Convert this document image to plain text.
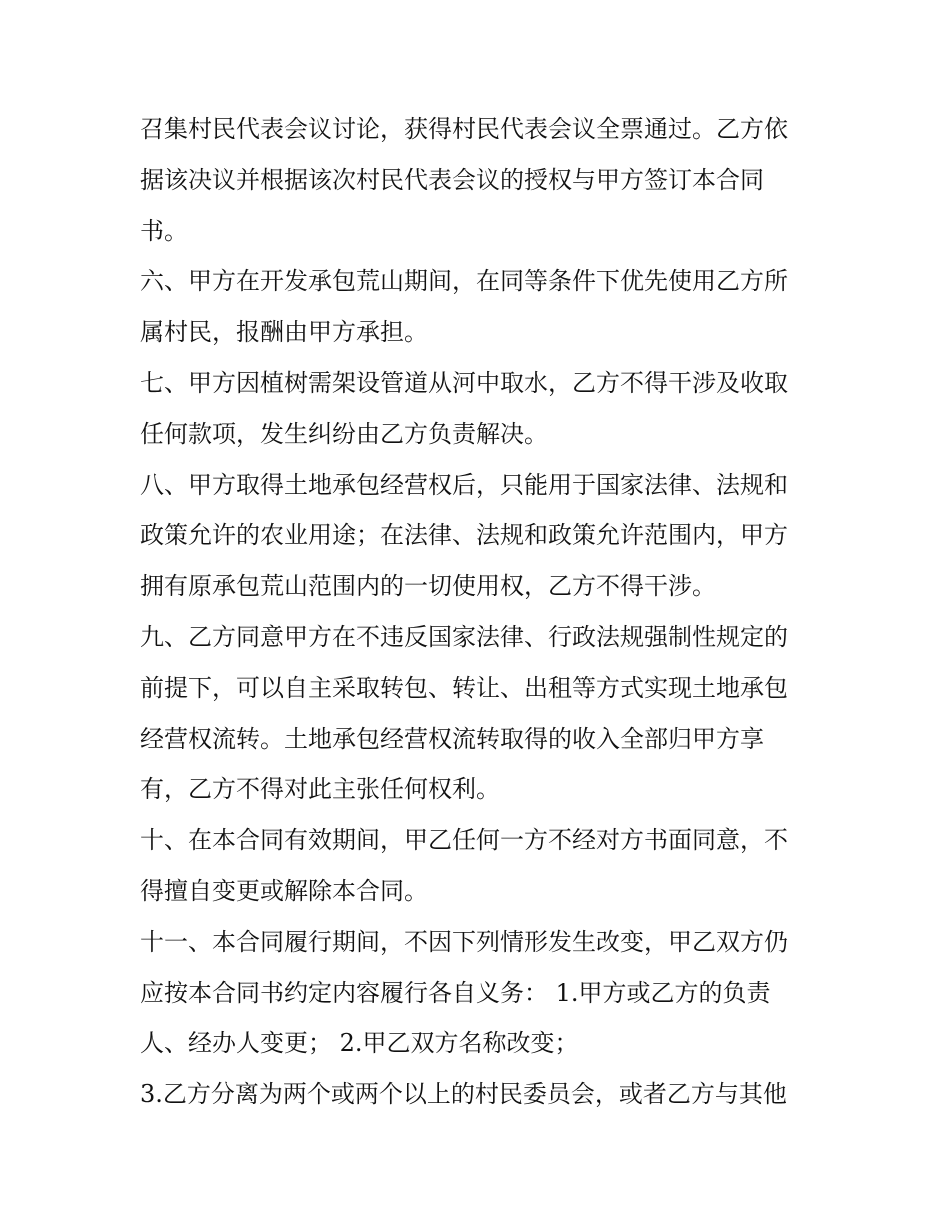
召集村民代表会议讨论，获得村民代表会议全票通过。乙方依
据该决议并根据该次村民代表会议的授权与甲方签订本合同
书。

六、甲方在开发承包荒山期间，在同等条件下优先使用乙方所
属村民，报酬由甲方承担。

七、甲方因植树需架设管道从河中取水，乙方不得干涉及收取
任何款项，发生纠纷由乙方负责解决。

八、甲方取得土地承包经营权后，只能用于国家法律、法规和
政策允许的农业用途；在法律、法规和政策允许范围内，甲方
拥有原承包荒山范围内的一切使用权，乙方不得干涉。

九、乙方同意甲方在不违反国家法律、行政法规强制性规定的
前提下，可以自主采取转包、转让、出租等方式实现土地承包
经营权流转。土地承包经营权流转取得的收入全部归甲方享
有，乙方不得对此主张任何权利。

十、在本合同有效期间，甲乙任何一方不经对方书面同意，不
得擅自变更或解除本合同。

十一、本合同履行期间，不因下列情形发生改变，甲乙双方仍
应按本合同书约定内容履行各自义务： 1.甲方或乙方的负责
人、经办人变更； 2.甲乙双方名称改变；

3.乙方分离为两个或两个以上的村民委员会，或者乙方与其他
